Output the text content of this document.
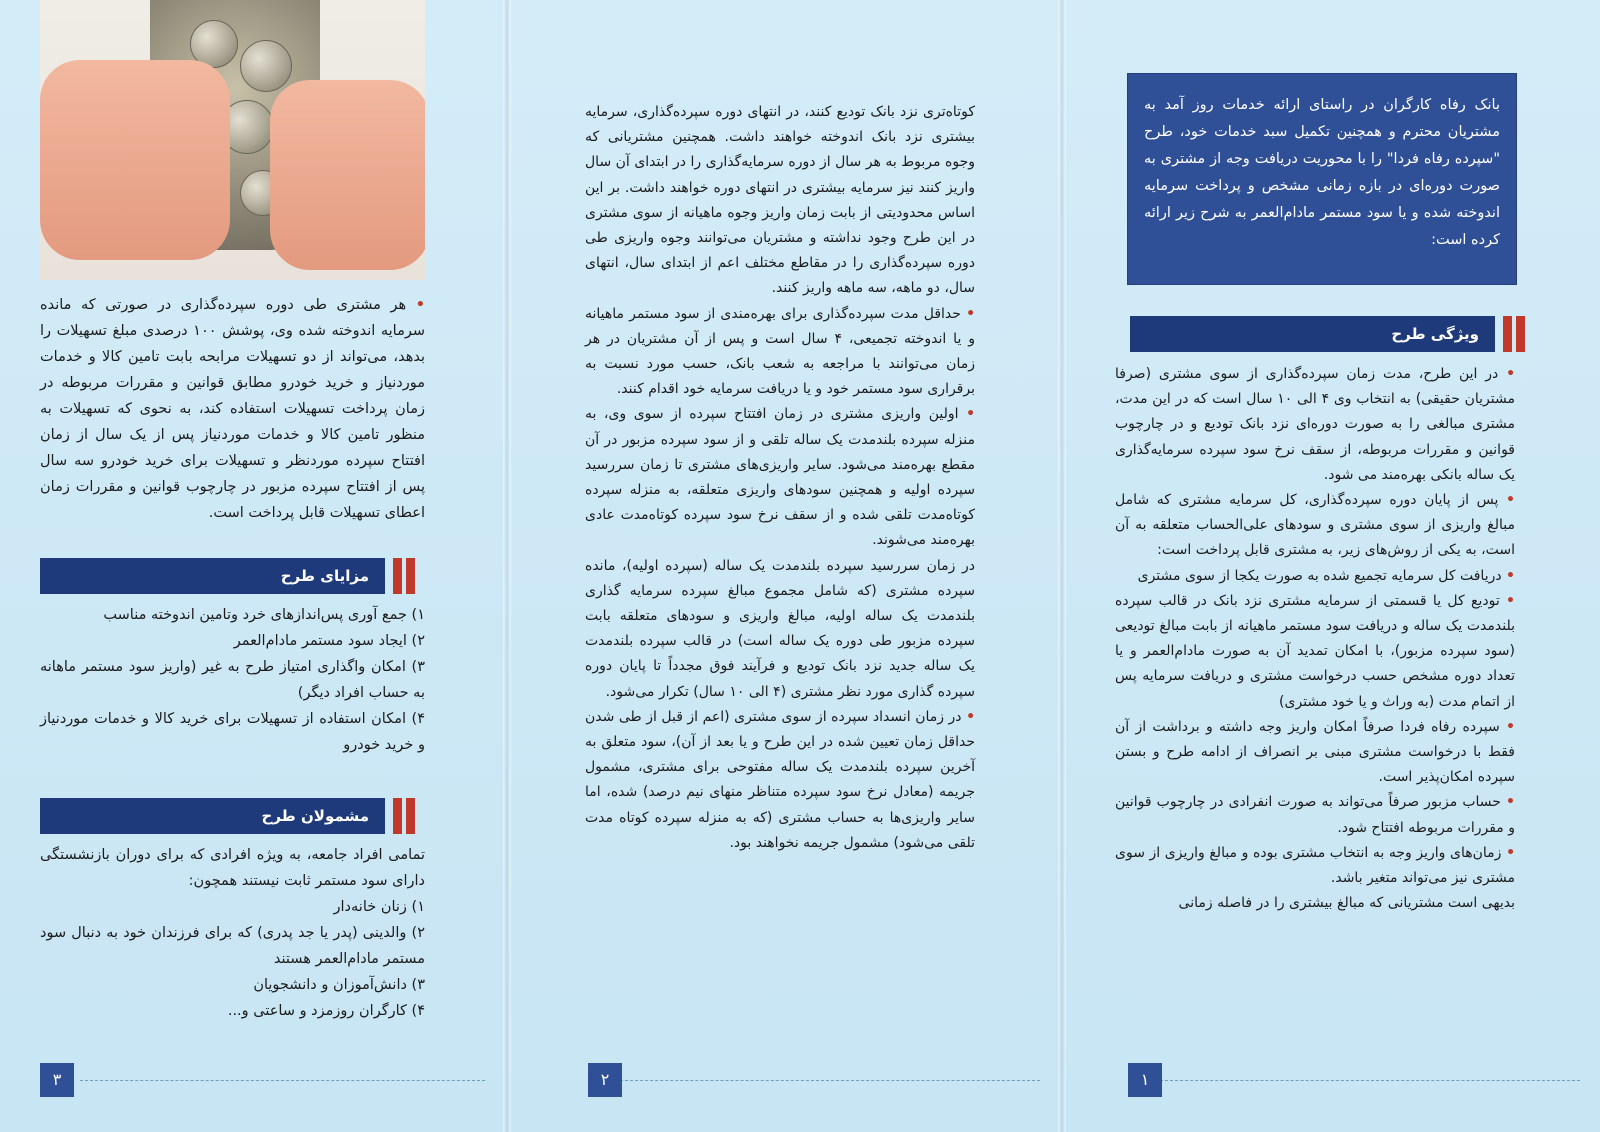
• هر مشتری طی دوره سپرده‌گذاری در صورتی که مانده سرمایه اندوخته شده وی، پوشش ۱۰۰ درصدی مبلغ تسهیلات را بدهد، می‌تواند از دو تسهیلات مرابحه بابت تامین کالا و خدمات موردنیاز و خرید خودرو مطابق قوانین و مقررات مربوطه در زمان پرداخت تسهیلات استفاده کند، به نحوی که تسهیلات به منظور تامین کالا و خدمات موردنیاز پس از یک سال از زمان افتتاح سپرده موردنظر و تسهیلات برای خرید خودرو سه سال پس از افتتاح سپرده مزبور در چارچوب قوانین و مقررات زمان اعطای تسهیلات قابل پرداخت است.

مزایای طرح

۱) جمع آوری پس‌اندازهای خرد وتامین اندوخته مناسب

۲) ایجاد سود مستمر مادام‌العمر

۳) امکان واگذاری امتیاز طرح به غیر (واریز سود مستمر ماهانه به حساب افراد دیگر)

۴) امکان استفاده از تسهیلات برای خرید کالا و خدمات موردنیاز و خرید خودرو

مشمولان طرح

تمامی افراد جامعه، به ویژه افرادی که برای دوران بازنشستگی دارای سود مستمر ثابت نیستند همچون:

۱) زنان خانه‌دار

۲) والدینی (پدر یا جد پدری) که برای فرزندان خود به دنبال سود مستمر مادام‌العمر هستند

۳) دانش‌آموزان و دانشجویان

۴) کارگران روزمزد و ساعتی و...

۳

کوتاه‌تری نزد بانک تودیع کنند، در انتهای دوره سپرده‌گذاری، سرمایه بیشتری نزد بانک اندوخته خواهند داشت. همچنین مشتریانی که وجوه مربوط به هر سال از دوره سرمایه‌گذاری را در ابتدای آن سال واریز کنند نیز سرمایه بیشتری در انتهای دوره خواهند داشت. بر این اساس محدودیتی از بابت زمان واریز وجوه ماهیانه از سوی مشتری در این طرح وجود نداشته و مشتریان می‌توانند وجوه واریزی طی دوره سپرده‌گذاری را در مقاطع مختلف اعم از ابتدای سال، انتهای سال، دو ماهه، سه ماهه واریز کنند.

• حداقل مدت سپرده‌گذاری برای بهره‌مندی از سود مستمر ماهیانه و یا اندوخته تجمیعی، ۴ سال است و پس از آن مشتریان در هر زمان می‌توانند با مراجعه به شعب بانک، حسب مورد نسبت به برقراری سود مستمر خود و یا دریافت سرمایه خود اقدام کنند.

• اولین واریزی مشتری در زمان افتتاح سپرده از سوی وی، به منزله سپرده بلندمدت یک ساله تلقی و از سود سپرده مزبور در آن مقطع بهره‌مند می‌شود. سایر واریزی‌های مشتری تا زمان سررسید سپرده اولیه و همچنین سودهای واریزی متعلقه، به منزله سپرده کوتاه‌مدت تلقی شده و از سقف نرخ سود سپرده کوتاه‌مدت عادی بهره‌مند می‌شوند.

در زمان سررسید سپرده بلندمدت یک ساله (سپرده اولیه)، مانده سپرده مشتری (که شامل مجموع مبالغ سپرده سرمایه گذاری بلندمدت یک ساله اولیه، مبالغ واریزی و سودهای متعلقه بابت سپرده مزبور طی دوره یک ساله است) در قالب سپرده بلندمدت یک ساله جدید نزد بانک تودیع و فرآیند فوق مجدداً تا پایان دوره سپرده گذاری مورد نظر مشتری (۴ الی ۱۰ سال) تکرار می‌شود.

• در زمان انسداد سپرده از سوی مشتری (اعم از قبل از طی شدن حداقل زمان تعیین شده در این طرح و یا بعد از آن)، سود متعلق به آخرین سپرده بلندمدت یک ساله مفتوحی برای مشتری، مشمول جریمه (معادل نرخ سود سپرده متناظر منهای نیم درصد) شده، اما سایر واریزی‌ها به حساب مشتری (که به منزله سپرده کوتاه مدت تلقی می‌شود) مشمول جریمه نخواهند بود.

۲

بانک رفاه کارگران در راستای ارائه خدمات روز آمد به مشتریان محترم و همچنین تکمیل سبد خدمات خود، طرح "سپرده رفاه فردا" را با محوریت دریافت وجه از مشتری به صورت دوره‌ای در بازه زمانی مشخص و پرداخت سرمایه اندوخته شده و یا سود مستمر مادام‌العمر به شرح زیر ارائه کرده است:

ویژگی طرح

• در این طرح، مدت زمان سپرده‌گذاری از سوی مشتری (صرفا مشتریان حقیقی) به انتخاب وی ۴ الی ۱۰ سال است که در این مدت، مشتری مبالغی را به صورت دوره‌ای نزد بانک تودیع و در چارچوب قوانین و مقررات مربوطه، از سقف نرخ سود سپرده سرمایه‌گذاری یک ساله بانکی بهره‌مند می شود.

• پس از پایان دوره سپرده‌گذاری، کل سرمایه مشتری که شامل مبالغ واریزی از سوی مشتری و سودهای علی‌الحساب متعلقه به آن است، به یکی از روش‌های زیر، به مشتری قابل پرداخت است:

• دریافت کل سرمایه تجمیع شده به صورت یکجا از سوی مشتری

• تودیع کل یا قسمتی از سرمایه مشتری نزد بانک در قالب سپرده بلندمدت یک ساله و دریافت سود مستمر ماهیانه از بابت مبالغ تودیعی (سود سپرده مزبور)، با امکان تمدید آن به صورت مادام‌العمر و یا تعداد دوره مشخص حسب درخواست مشتری و دریافت سرمایه پس از اتمام مدت (به وراث و یا خود مشتری)

• سپرده رفاه فردا صرفاً امکان واریز وجه داشته و برداشت از آن فقط با درخواست مشتری مبنی بر انصراف از ادامه طرح و بستن سپرده امکان‌پذیر است.

• حساب مزبور صرفاً می‌تواند به صورت انفرادی در چارچوب قوانین و مقررات مربوطه افتتاح شود.

• زمان‌های واریز وجه به انتخاب مشتری بوده و مبالغ واریزی از سوی مشتری نیز می‌تواند متغیر باشد.

بدیهی است مشتریانی که مبالغ بیشتری را در فاصله زمانی

۱
